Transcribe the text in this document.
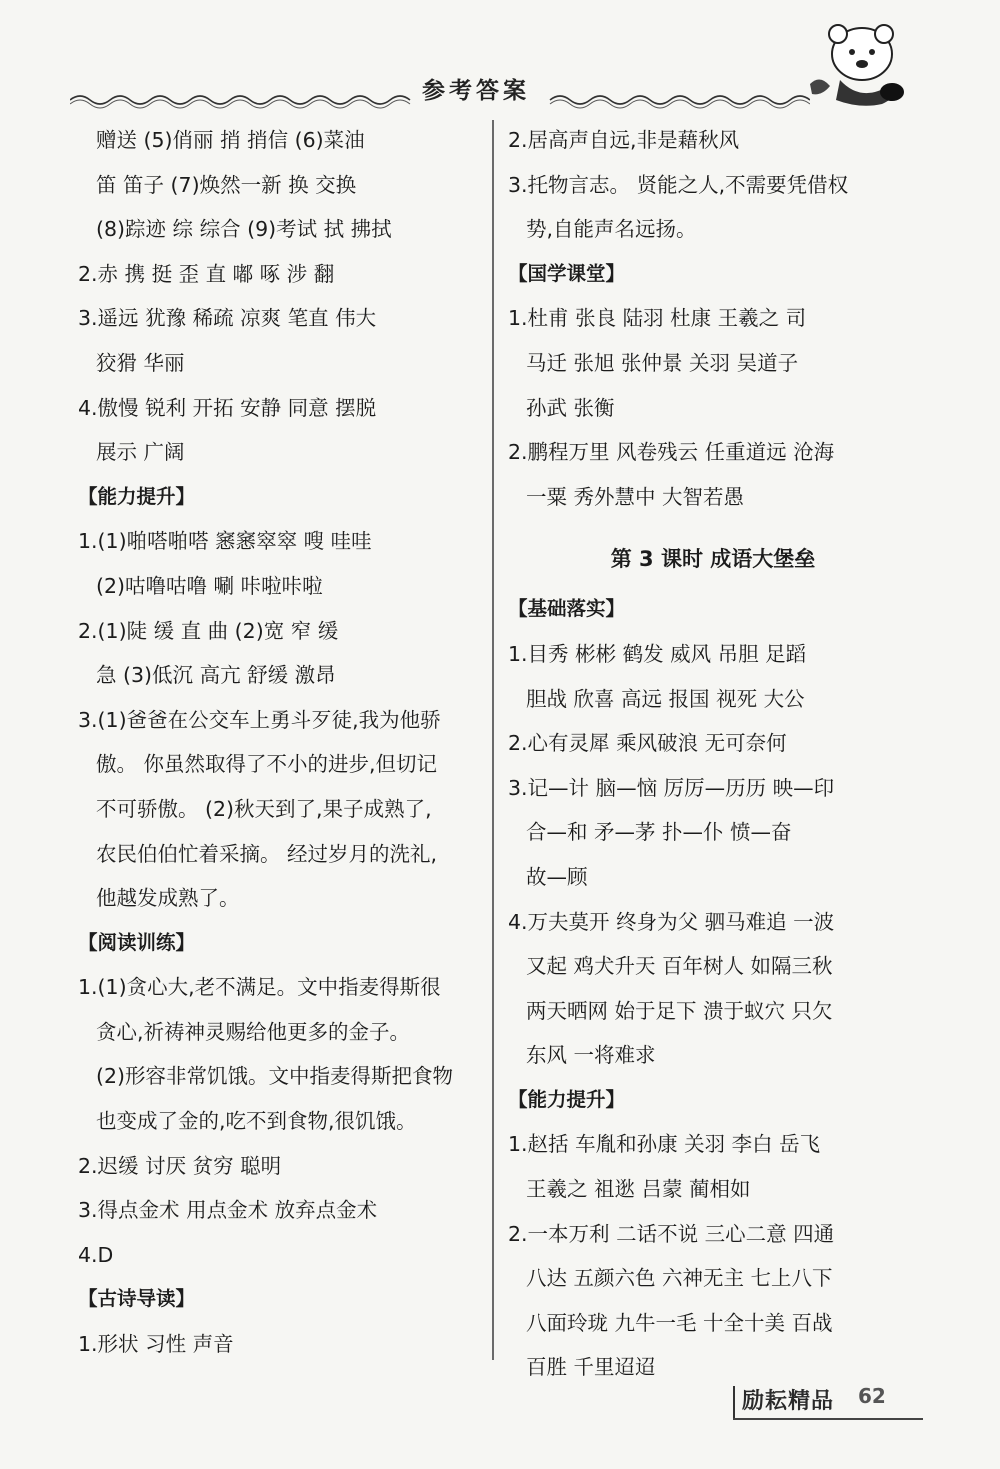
参考答案
赠送 (5)俏丽 捎 捎信 (6)菜油
笛 笛子 (7)焕然一新 换 交换
(8)踪迹 综 综合 (9)考试 拭 拂拭
2.赤 携 挺 歪 直 嘟 啄 涉 翻
3.遥远 犹豫 稀疏 凉爽 笔直 伟大
狡猾 华丽
4.傲慢 锐利 开拓 安静 同意 摆脱
展示 广阔
【能力提升】
1.(1)啪嗒啪嗒 窸窸窣窣 嗖 哇哇
(2)咕噜咕噜 唰 咔啦咔啦
2.(1)陡 缓 直 曲 (2)宽 窄 缓
急 (3)低沉 高亢 舒缓 激昂
3.(1)爸爸在公交车上勇斗歹徒,我为他骄
傲。 你虽然取得了不小的进步,但切记
不可骄傲。 (2)秋天到了,果子成熟了,
农民伯伯忙着采摘。 经过岁月的洗礼,
他越发成熟了。
【阅读训练】
1.(1)贪心大,老不满足。文中指麦得斯很
贪心,祈祷神灵赐给他更多的金子。
(2)形容非常饥饿。文中指麦得斯把食物
也变成了金的,吃不到食物,很饥饿。
2.迟缓 讨厌 贫穷 聪明
3.得点金术 用点金术 放弃点金术
4.D
【古诗导读】
1.形状 习性 声音
2.居高声自远,非是藉秋风
3.托物言志。 贤能之人,不需要凭借权
势,自能声名远扬。
【国学课堂】
1.杜甫 张良 陆羽 杜康 王羲之 司
马迁 张旭 张仲景 关羽 吴道子
孙武 张衡
2.鹏程万里 风卷残云 任重道远 沧海
一粟 秀外慧中 大智若愚
第 3 课时 成语大堡垒
【基础落实】
1.目秀 彬彬 鹤发 威风 吊胆 足蹈
胆战 欣喜 高远 报国 视死 大公
2.心有灵犀 乘风破浪 无可奈何
3.记—计 脑—恼 厉厉—历历 映—印
合—和 矛—茅 扑—仆 愤—奋
故—顾
4.万夫莫开 终身为父 驷马难追 一波
又起 鸡犬升天 百年树人 如隔三秋
两天晒网 始于足下 溃于蚁穴 只欠
东风 一将难求
【能力提升】
1.赵括 车胤和孙康 关羽 李白 岳飞
王羲之 祖逖 吕蒙 蔺相如
2.一本万利 二话不说 三心二意 四通
八达 五颜六色 六神无主 七上八下
八面玲珑 九牛一毛 十全十美 百战
百胜 千里迢迢
励耘精品 62
